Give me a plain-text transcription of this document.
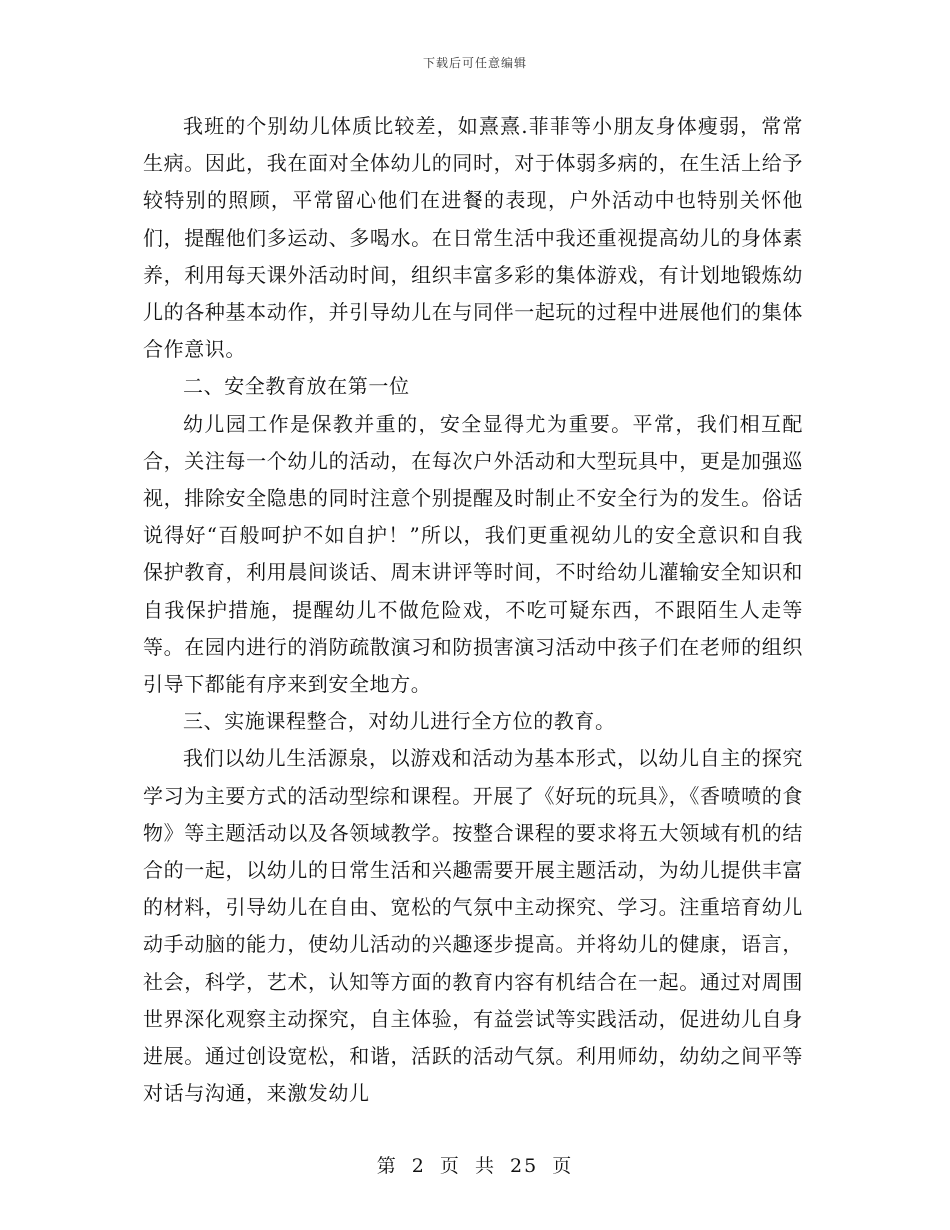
下载后可任意编辑

我班的个别幼儿体质比较差，如熹熹.菲菲等小朋友身体瘦弱，常常生病。因此，我在面对全体幼儿的同时，对于体弱多病的，在生活上给予较特别的照顾，平常留心他们在进餐的表现，户外活动中也特别关怀他们，提醒他们多运动、多喝水。在日常生活中我还重视提高幼儿的身体素养，利用每天课外活动时间，组织丰富多彩的集体游戏，有计划地锻炼幼儿的各种基本动作，并引导幼儿在与同伴一起玩的过程中进展他们的集体合作意识。

二、安全教育放在第一位

幼儿园工作是保教并重的，安全显得尤为重要。平常，我们相互配合，关注每一个幼儿的活动，在每次户外活动和大型玩具中，更是加强巡视，排除安全隐患的同时注意个别提醒及时制止不安全行为的发生。俗话说得好“百般呵护不如自护！”所以，我们更重视幼儿的安全意识和自我保护教育，利用晨间谈话、周末讲评等时间，不时给幼儿灌输安全知识和自我保护措施，提醒幼儿不做危险戏，不吃可疑东西，不跟陌生人走等等。在园内进行的消防疏散演习和防损害演习活动中孩子们在老师的组织引导下都能有序来到安全地方。

三、实施课程整合，对幼儿进行全方位的教育。

我们以幼儿生活源泉，以游戏和活动为基本形式，以幼儿自主的探究学习为主要方式的活动型综和课程。开展了《好玩的玩具》，《香喷喷的食物》等主题活动以及各领域教学。按整合课程的要求将五大领域有机的结合的一起，以幼儿的日常生活和兴趣需要开展主题活动，为幼儿提供丰富的材料，引导幼儿在自由、宽松的气氛中主动探究、学习。注重培育幼儿动手动脑的能力，使幼儿活动的兴趣逐步提高。并将幼儿的健康，语言，社会，科学，艺术，认知等方面的教育内容有机结合在一起。通过对周围世界深化观察主动探究，自主体验，有益尝试等实践活动，促进幼儿自身进展。通过创设宽松，和谐，活跃的活动气氛。利用师幼，幼幼之间平等对话与沟通，来激发幼儿

第 2 页 共 25 页
